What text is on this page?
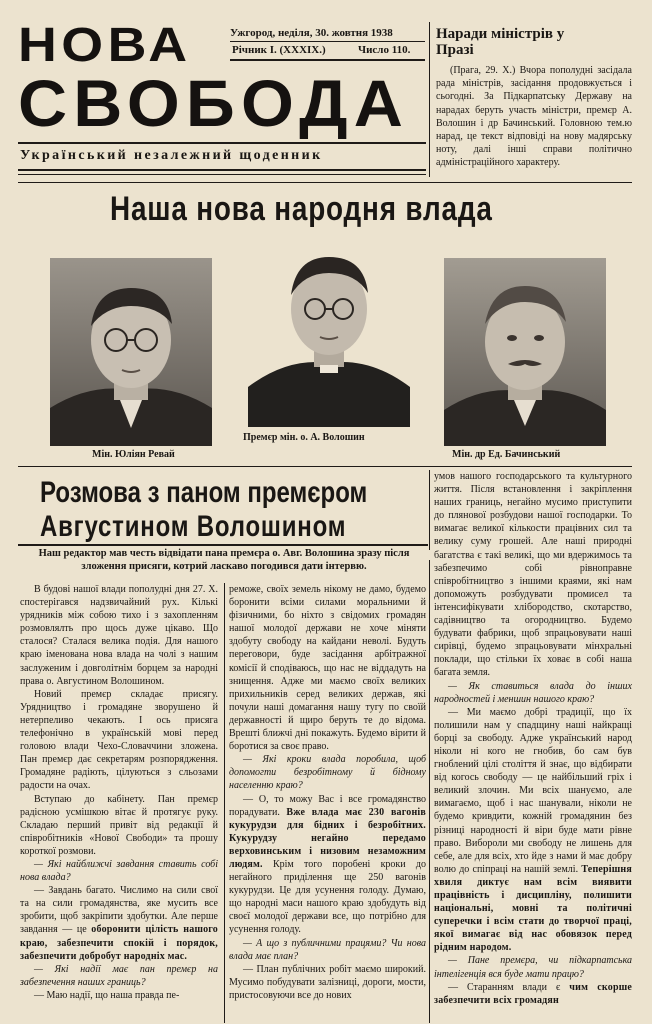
НОВА
СВОБОДА
Ужгород, неділя, 30. жовтня 1938
Річник I. (XXXIX.)	Число 110.
Український незалежний щоденник
Наради міністрів у Празі
(Прага, 29. X.) Вчора пополудні засідала рада міністрів, засідання продовжується і сьогодні. За Підкарпатську Державу на нарадах беруть участь міністри, премєр А. Волошин і др Бачинський. Головною тем.ю нарад, це текст відповіді на нову мадярську ноту, далі інші справи політично адміністраційного характеру.
Наша нова народня влада
Мін. Юліян Ревай
Премєр мін. о. А. Волошин
Мін. др Ед. Бачинський
Розмова з паном премєром
Августином Волошином
Наш редактор мав честь відвідати пана премєра о. Авг. Волошина зразу після зложення присяги, котрий ласкаво погодився дати інтервю.

В будові нашої влади пополудні дня 27. X. спостерігався надзвичайний рух. Кількі урядників між собою тихо і з захопленням розмовлялть про щось дуже цікаво. Що сталося? Сталася велика подія. Для нашого краю іменована нова влада на чолі з нашим заслуженим і довголітнім борцем за народні права о. Августином Волошином.

Новий премєр складає присягу. Урядництво і громадяне зворушено й нетерпеливо чекають. І ось присяга телефонічно в українській мові перед головою влади Чехо-Словаччини зложена. Пан премєр дає секретарям розпорядження. Громадяне радіють, цілуються з сльозами радости на очах.

Вступаю до кабінету. Пан премєр радісною усмішкою вітає й протягує руку. Складаю перший привіт від редакції й співробітників «Нової Свободи» та прошу короткої розмови.

— Які найближчі завдання ставить собі нова влада?

— Завдань багато. Числимо на сили свої та на сили громадянства, яке мусить все зробити, щоб закріпити здобутки. Але перше завдання — це оборонити цілість нашого краю, забезпечити спокій і порядок, забезпечити добробут народніх мас.

— Які надії має пан премєр на забезпечення наших границь?

— Маю надії, що наша правда пе-

реможе, своїх земель нікому не дамо, будемо боронити всіми силами моральними й фізичними, бо ніхто з свідомих громадян нашої молодої держави не хоче міняти здобуту свободу на кайдани неволі. Будуть переговори, буде засідання арбітражної комісії й сподіваюсь, що нас не віддадуть на знищення. Адже ми маємо своїх великих прихильників серед великих держав, які почули наші домагання нашу тугу по своїй державності й щиро беруть те до відома. Врешті ближчі дні покажуть. Будемо вірити й боротися за своє право.

— Які кроки влада поробила, щоб допомогти безробітному й бідному населенню краю?

— О, то можу Вас і все громадянство порадувати. Вже влада має 230 вагонів кукурудзи для бідних і безробітних. Кукурудзу негайно передамо верховинським і низовим незаможним людям. Крім того поробені кроки до негайного приділення ще 250 вагонів кукурудзи. Це для усунення голоду. Думаю, що народні маси нашого краю здобудуть від своєї молодої держави все, що потрібно для усунення голоду.

— А що з публичними працями? Чи нова влада має план?

— План публічних робіт маємо широкий. Мусимо побудувати залізниці, дороги, мости, пристосовуючи все до нових

умов нашого господарського та культурного життя. Після встановлення і закріплення наших границь, негайно мусимо приступити до плянової розбудови нашої господарки. То вимагає великої кількости працівних сил та велику суму грошей. Але наші природні багатства є такі великі, що ми вдержимось та забезпечимо собі рівноправне співробітництво з іншими краями, які нам допоможуть розбудувати промисел та інтенсифікувати хлібородство, скотарство, садівництво та огородництво. Будемо будувати фабрики, щоб зпрацьовувати наші сирівці, будемо зпрацьовувати мінхральні поклади, що стільки їх ховає в собі наша багата земля.

— Як ставиться влада до інших народностей і меншин нашого краю?

— Ми маємо добрі традиції, що їх полишили нам у спадщину наші найкращі борці за свободу. Адже український народ ніколи ні кого не гнобив, бо сам був гноблений цілі століття й знає, що відбирати від когось свободу — це найбільший гріх і великий злочин. Ми всіх шануємо, але вимагаємо, щоб і нас шанували, ніколи не будемо кривдити, кожній громадянин без різниці народності й віри буде мати рівне право. Вибороли ми свободу не лишень для себе, але для всіх, хто йде з нами й має добру волю до спіпраці на нашій землі. Теперішня хвиля диктує нам всім виявити працівність і дисципліну, полишити національні, мовні та політичні суперечки і всім стати до творчої праці, якої вимагає від нас обовязок перед рідним народом.

— Пане премєра, чи підкарпатська інтелігенція вся буде мати працю?

— Старанням влади є чим скорше забезпечити всіх громадян
